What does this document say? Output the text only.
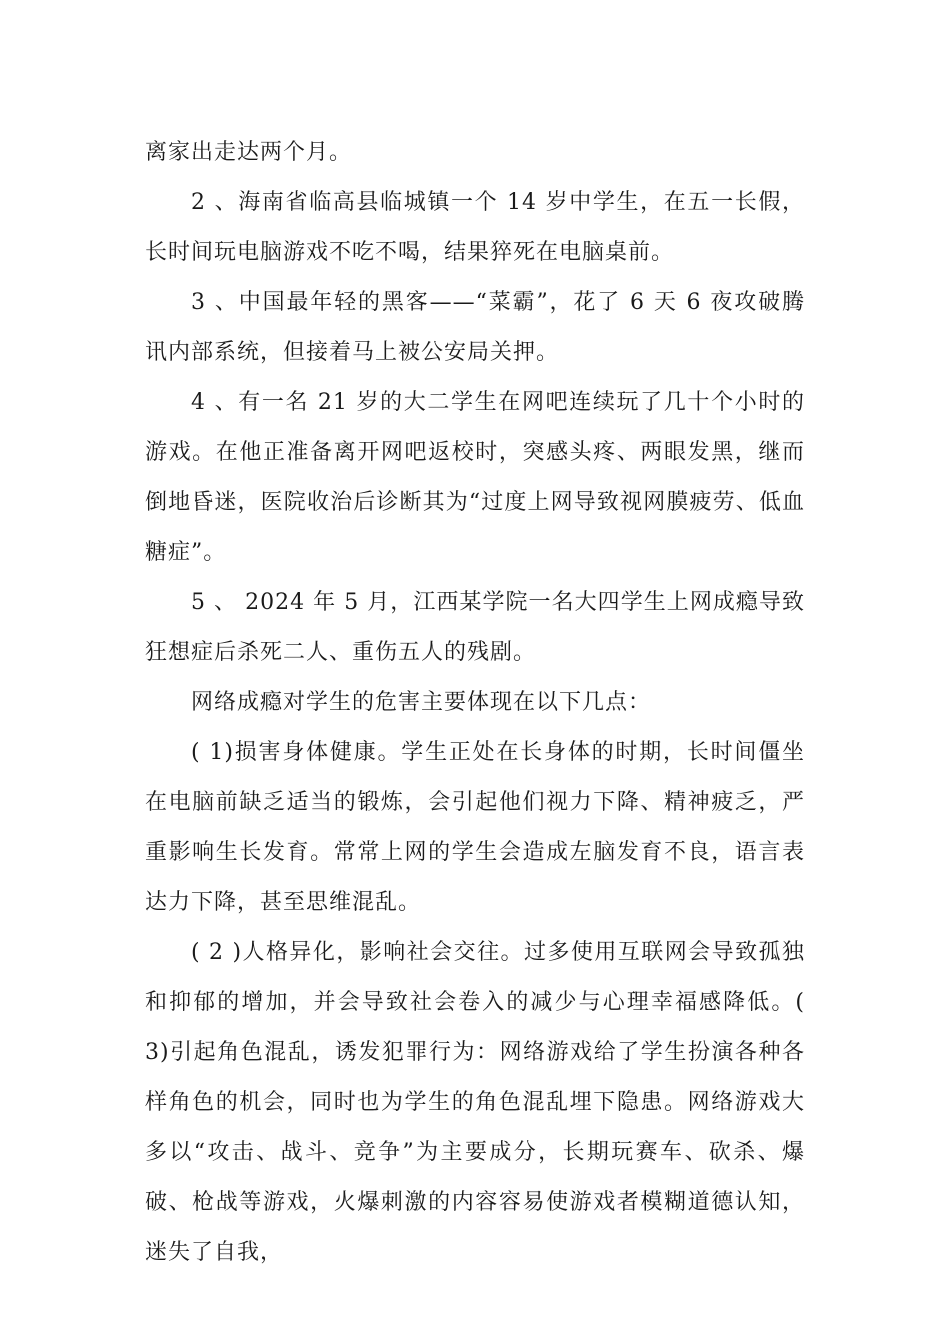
离家出走达两个月。

2 、海南省临高县临城镇一个 14 岁中学生，在五一长假，长时间玩电脑游戏不吃不喝，结果猝死在电脑桌前。

3 、中国最年轻的黑客——“菜霸”，花了 6 天 6 夜攻破腾讯内部系统，但接着马上被公安局关押。

4 、有一名 21 岁的大二学生在网吧连续玩了几十个小时的游戏。在他正准备离开网吧返校时，突感头疼、两眼发黑，继而倒地昏迷，医院收治后诊断其为“过度上网导致视网膜疲劳、低血糖症”。

5 、 2024 年 5 月，江西某学院一名大四学生上网成瘾导致狂想症后杀死二人、重伤五人的残剧。

网络成瘾对学生的危害主要体现在以下几点：

( 1)损害身体健康。学生正处在长身体的时期，长时间僵坐在电脑前缺乏适当的锻炼，会引起他们视力下降、精神疲乏，严重影响生长发育。常常上网的学生会造成左脑发育不良，语言表达力下降，甚至思维混乱。

( 2 )人格异化，影响社会交往。过多使用互联网会导致孤独和抑郁的增加，并会导致社会卷入的减少与心理幸福感降低。( 3)引起角色混乱，诱发犯罪行为：网络游戏给了学生扮演各种各样角色的机会，同时也为学生的角色混乱埋下隐患。网络游戏大多以“攻击、战斗、竞争”为主要成分，长期玩赛车、砍杀、爆破、枪战等游戏，火爆刺激的内容容易使游戏者模糊道德认知，迷失了自我，
